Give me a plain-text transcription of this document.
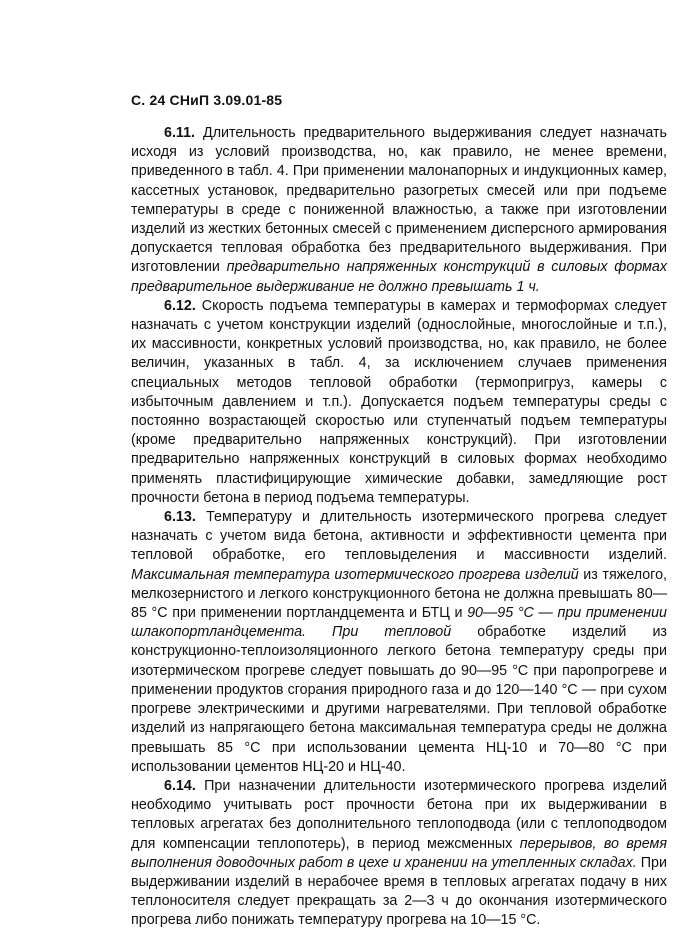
С. 24 СНиП 3.09.01-85

6.11. Длительность предварительного выдерживания следует назначать исходя из условий производства, но, как правило, не менее времени, приведенного в табл. 4. При применении малонапорных и индукционных камер, кассетных установок, предварительно разогретых смесей или при подъеме температуры в среде с пониженной влажностью, а также при изготовлении изделий из жестких бетонных смесей с применением дисперсного армирования допускается тепловая обработка без предварительного выдерживания. При изготовлении предварительно напряженных конструкций в силовых формах предварительное выдерживание не должно превышать 1 ч.

6.12. Скорость подъема температуры в камерах и термоформах следует назначать с учетом конструкции изделий (однослойные, многослойные и т.п.), их массивности, конкретных условий производства, но, как правило, не более величин, указанных в табл. 4, за исключением случаев применения специальных методов тепловой обработки (термопригруз, камеры с избыточным давлением и т.п.). Допускается подъем температуры среды с постоянно возрастающей скоростью или ступенчатый подъем температуры (кроме предварительно напряженных конструкций). При изготовлении предварительно напряженных конструкций в силовых формах необходимо применять пластифицирующие химические добавки, замедляющие рост прочности бетона в период подъема температуры.

6.13. Температуру и длительность изотермического прогрева следует назначать с учетом вида бетона, активности и эффективности цемента при тепловой обработке, его тепловыделения и массивности изделий. Максимальная температура изотермического прогрева изделий из тяжелого, мелкозернистого и легкого конструкционного бетона не должна превышать 80—85 °С при применении портландцемента и БТЦ и 90—95 °С — при применении шлакопортландцемента. При тепловой обработке изделий из конструкционно-теплоизоляционного легкого бетона температуру среды при изотермическом прогреве следует повышать до 90—95 °С при паропрогреве и применении продуктов сгорания природного газа и до 120—140 °С — при сухом прогреве электрическими и другими нагревателями. При тепловой обработке изделий из напрягающего бетона максимальная температура среды не должна превышать 85 °С при использовании цемента НЦ-10 и 70—80 °С при использовании цементов НЦ-20 и НЦ-40.

6.14. При назначении длительности изотермического прогрева изделий необходимо учитывать рост прочности бетона при их выдерживании в тепловых агрегатах без дополнительного теплоподвода (или с теплоподводом для компенсации теплопотерь), в период межсменных перерывов, во время выполнения доводочных работ в цехе и хранении на утепленных складах. При выдерживании изделий в нерабочее время в тепловых агрегатах подачу в них теплоносителя следует прекращать за 2—3 ч до окончания изотермического прогрева либо понижать температуру прогрева на 10—15 °С.
